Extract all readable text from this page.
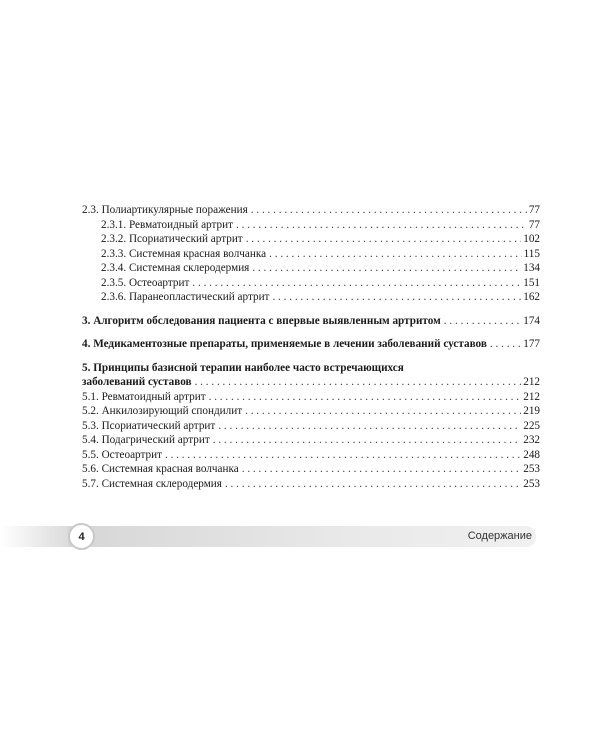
2.3. Полиартикулярные поражения . . .	77
2.3.1. Ревматоидный артрит . . .	77
2.3.2. Псориатический артрит . . .	102
2.3.3. Системная красная волчанка . . .	115
2.3.4. Системная склеродермия . . .	134
2.3.5. Остеоартрит . . .	151
2.3.6. Паранеопластический артрит . . .	162
3. Алгоритм обследования пациента с впервые выявленным артритом . . .	174
4. Медикаментозные препараты, применяемые в лечении заболеваний суставов . . .	177
5. Принципы базисной терапии наиболее часто встречающихся
заболеваний суставов . . .	212
5.1. Ревматоидный артрит . . .	212
5.2. Анкилозирующий спондилит . . .	219
5.3. Псориатический артрит . . .	225
5.4. Подагрический артрит . . .	232
5.5. Остеоартрит . . .	248
5.6. Системная красная волчанка . . .	253
5.7. Системная склеродермия . . .	253
4	Содержание
